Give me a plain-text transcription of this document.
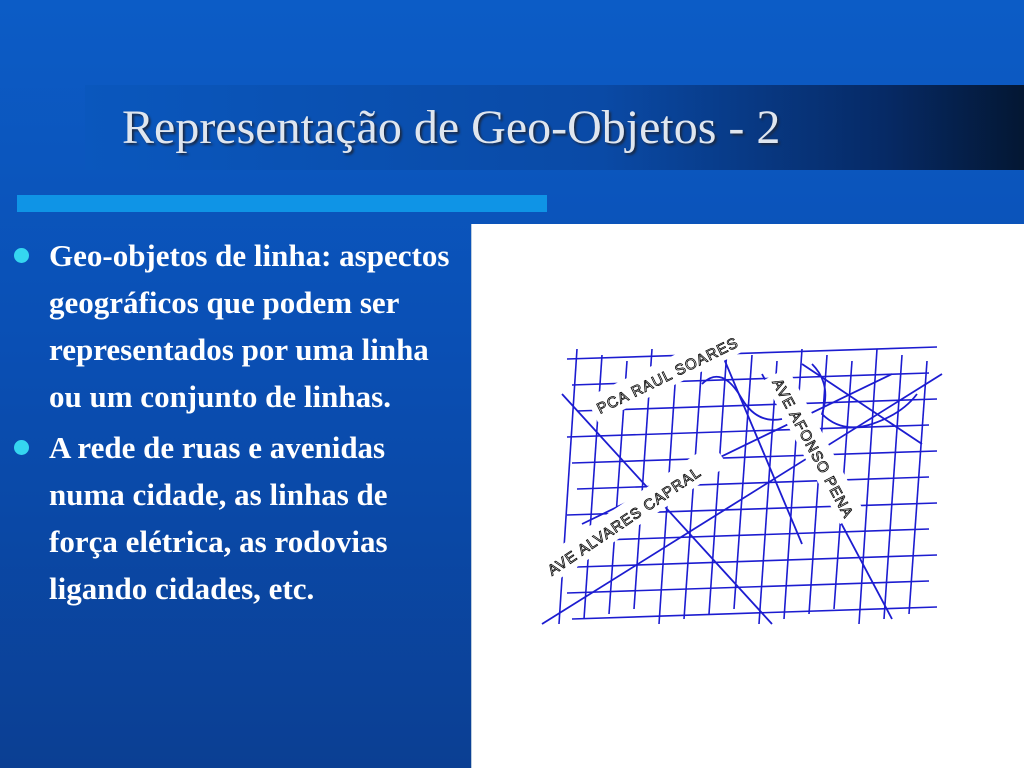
Representação de Geo-Objetos - 2
Geo-objetos de linha: aspectos geográficos que podem ser representados por uma linha ou um conjunto de linhas.
A rede de ruas e avenidas numa cidade, as linhas de força elétrica, as rodovias ligando cidades, etc.
PCA RAUL SOARES AVE AFONSO PENA
AVE ALVARES CAPRAL
